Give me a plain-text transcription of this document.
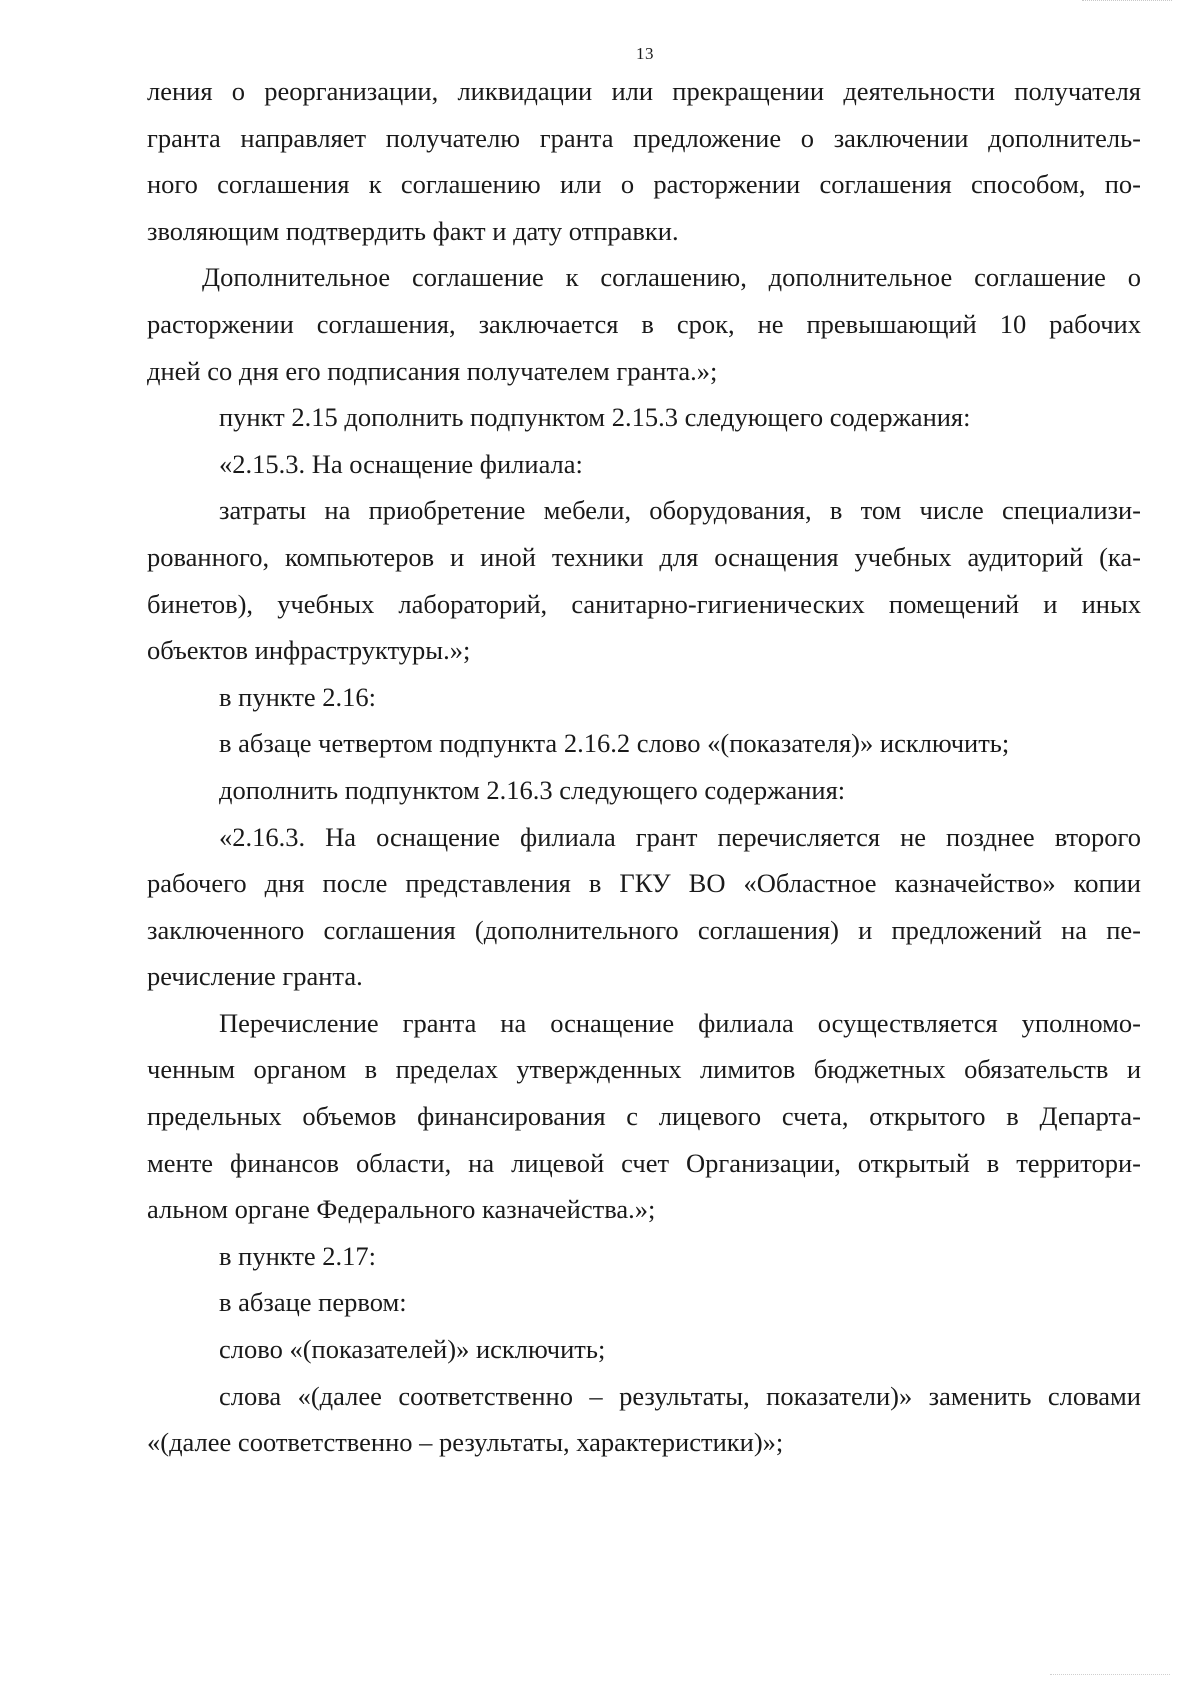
13
ления о реорганизации, ликвидации или прекращении деятельности получателя
гранта направляет получателю гранта предложение о заключении дополнитель-
ного соглашения к соглашению или о расторжении соглашения способом, по-
зволяющим подтвердить факт и дату отправки.
Дополнительное соглашение к соглашению, дополнительное соглашение о
расторжении соглашения, заключается в срок, не превышающий 10 рабочих
дней со дня его подписания получателем гранта.»;
пункт 2.15 дополнить подпунктом 2.15.3 следующего содержания:
«2.15.3. На оснащение филиала:
затраты на приобретение мебели, оборудования, в том числе специализи-
рованного, компьютеров и иной техники для оснащения учебных аудиторий (ка-
бинетов), учебных лабораторий, санитарно-гигиенических помещений и иных
объектов инфраструктуры.»;
в пункте 2.16:
в абзаце четвертом подпункта 2.16.2 слово «(показателя)» исключить;
дополнить подпунктом 2.16.3 следующего содержания:
«2.16.3. На оснащение филиала грант перечисляется не позднее второго
рабочего дня после представления в ГКУ ВО «Областное казначейство» копии
заключенного соглашения (дополнительного соглашения) и предложений на пе-
речисление гранта.
Перечисление гранта на оснащение филиала осуществляется уполномо-
ченным органом в пределах утвержденных лимитов бюджетных обязательств и
предельных объемов финансирования с лицевого счета, открытого в Департа-
менте финансов области, на лицевой счет Организации, открытый в территори-
альном органе Федерального казначейства.»;
в пункте 2.17:
в абзаце первом:
слово «(показателей)» исключить;
слова «(далее соответственно – результаты, показатели)» заменить словами
«(далее соответственно – результаты, характеристики)»;
